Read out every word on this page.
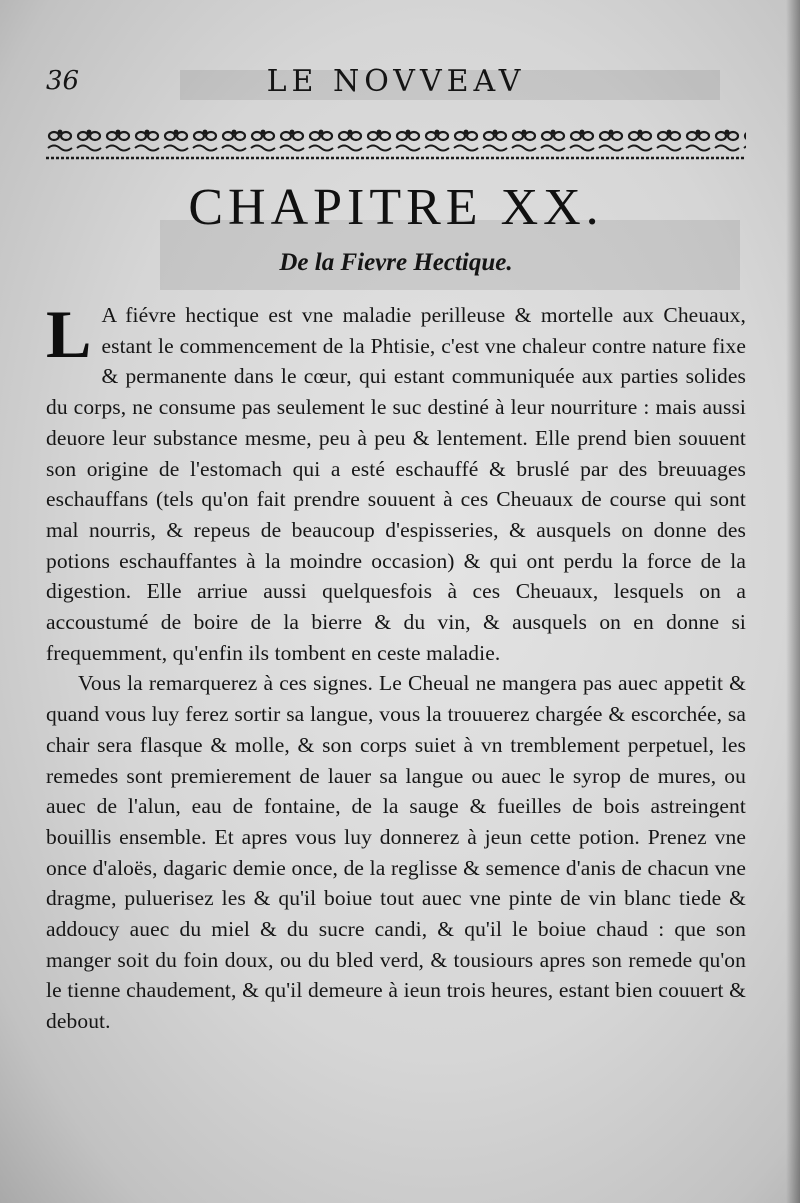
36	LE NOVVEAV
CHAPITRE XX.
De la Fievre Hectique.

L A fiévre hectique est vne maladie perilleuse & mortelle aux Cheuaux, estant le commencement de la Phtisie, c'est vne chaleur contre nature fixe & permanente dans le cœur, qui estant communiquée aux parties solides du corps, ne consume pas seulement le suc destiné à leur nourriture : mais aussi deuore leur substance mesme, peu à peu & lentement. Elle prend bien souuent son origine de l'estomach qui a esté eschauffé & bruslé par des breuuages eschauffans (tels qu'on fait prendre souuent à ces Cheuaux de course qui sont mal nourris, & repeus de beaucoup d'espisseries, & ausquels on donne des potions eschauffantes à la moindre occasion) & qui ont perdu la force de la digestion. Elle arriue aussi quelquesfois à ces Cheuaux, lesquels on a accoustumé de boire de la bierre & du vin, & ausquels on en donne si frequemment, qu'enfin ils tombent en ceste maladie.

Vous la remarquerez à ces signes. Le Cheual ne mangera pas auec appetit & quand vous luy ferez sortir sa langue, vous la trouuerez chargée & escorchée, sa chair sera flasque & molle, & son corps suiet à vn tremblement perpetuel, les remedes sont premierement de lauer sa langue ou auec le syrop de mures, ou auec de l'alun, eau de fontaine, de la sauge & fueilles de bois astreingent bouillis ensemble. Et apres vous luy donnerez à jeun cette potion. Prenez vne once d'aloës, dagaric demie once, de la reglisse & semence d'anis de chacun vne dragme, puluerisez les & qu'il boiue tout auec vne pinte de vin blanc tiede & addoucy auec du miel & du sucre candi, & qu'il le boiue chaud : que son manger soit du foin doux, ou du bled verd, & tousiours apres son remede qu'on le tienne chaudement, & qu'il demeure à ieun trois heures, estant bien couuert & debout.
